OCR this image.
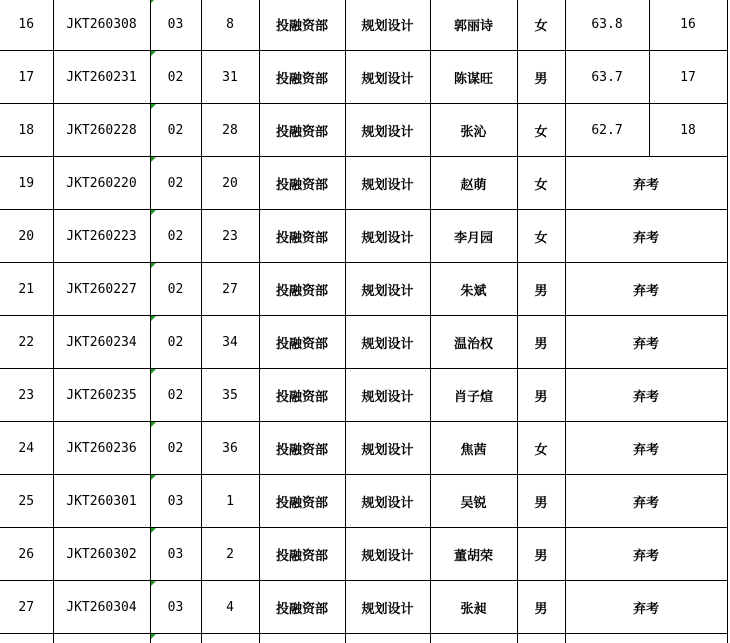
16	JKT260308	03	8	投融资部	规划设计	郭丽诗	女	63.8	16
17	JKT260231	02	31	投融资部	规划设计	陈谋旺	男	63.7	17
18	JKT260228	02	28	投融资部	规划设计	张沁	女	62.7	18
19	JKT260220	02	20	投融资部	规划设计	赵萌	女	弃考	
20	JKT260223	02	23	投融资部	规划设计	李月园	女	弃考	
21	JKT260227	02	27	投融资部	规划设计	朱斌	男	弃考	
22	JKT260234	02	34	投融资部	规划设计	温治权	男	弃考	
23	JKT260235	02	35	投融资部	规划设计	肖子煊	男	弃考	
24	JKT260236	02	36	投融资部	规划设计	焦茜	女	弃考	
25	JKT260301	03	1	投融资部	规划设计	吴锐	男	弃考	
26	JKT260302	03	2	投融资部	规划设计	董胡荣	男	弃考	
27	JKT260304	03	4	投融资部	规划设计	张昶	男	弃考	
